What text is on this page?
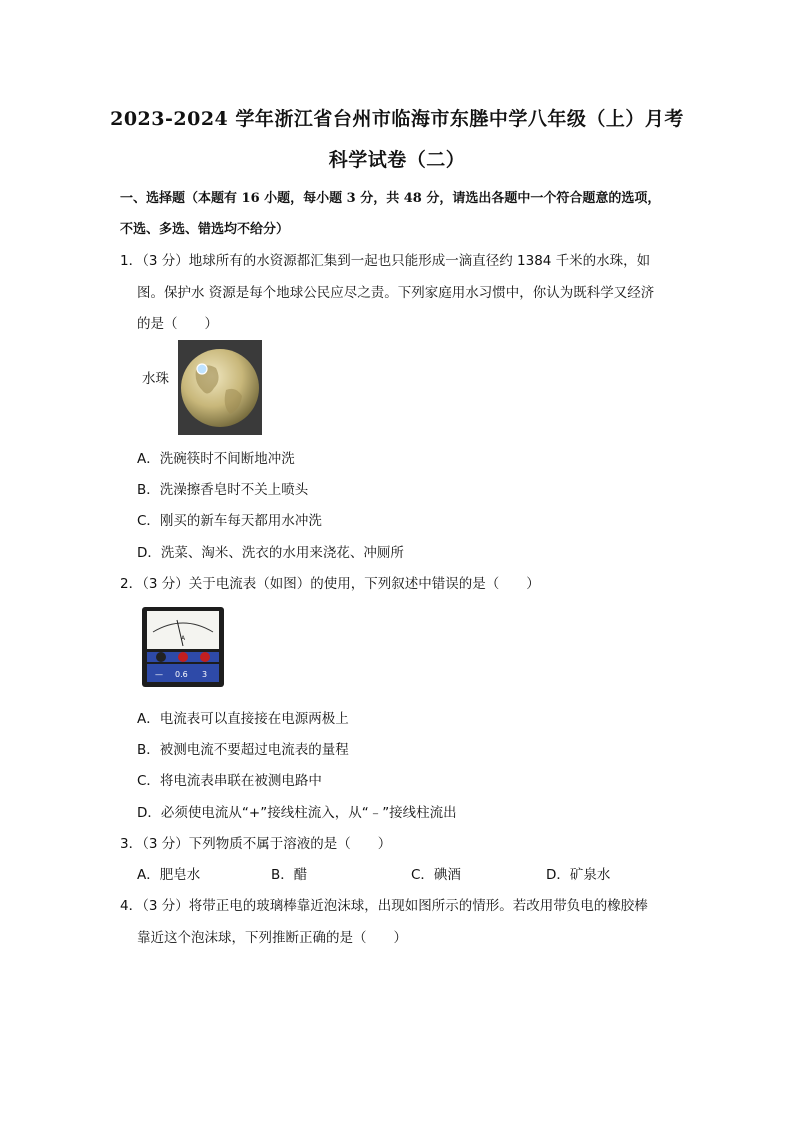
2023-2024 学年浙江省台州市临海市东塍中学八年级（上）月考
科学试卷（二）
一、选择题（本题有 16 小题，每小题 3 分，共 48 分，请选出各题中一个符合题意的选项，
不选、多选、错选均不给分）
1．（3 分）地球所有的水资源都汇集到一起也只能形成一滴直径约 1384 千米的水珠，如
图。保护水 资源是每个地球公民应尽之责。下列家庭用水习惯中，你认为既科学又经济
的是（　　）
水珠
A．洗碗筷时不间断地冲洗
B．洗澡擦香皂时不关上喷头
C．刚买的新车每天都用水冲洗
D．洗菜、淘米、洗衣的水用来浇花、冲厕所
2．（3 分）关于电流表（如图）的使用，下列叙述中错误的是（　　）
A
— 0.6 3
A．电流表可以直接接在电源两极上
B．被测电流不要超过电流表的量程
C．将电流表串联在被测电路中
D．必须使电流从“+”接线柱流入，从“﹣”接线柱流出
3．（3 分）下列物质不属于溶液的是（　　）
A．肥皂水	B．醋	C．碘酒	D．矿泉水
4．（3 分）将带正电的玻璃棒靠近泡沫球，出现如图所示的情形。若改用带负电的橡胶棒
靠近这个泡沫球，下列推断正确的是（　　）
